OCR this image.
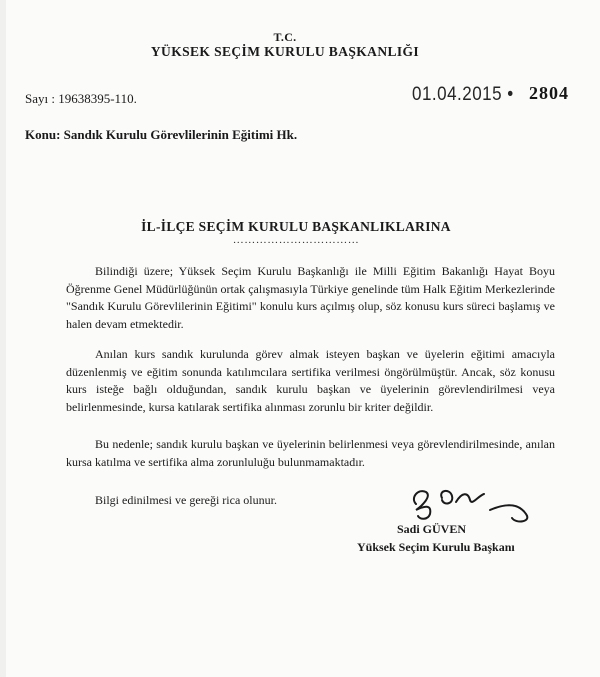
T.C.
YÜKSEK SEÇİM KURULU BAŞKANLIĞI
Sayı : 19638395-110.	01.04.2015 • 2804
Konu: Sandık Kurulu Görevlilerinin Eğitimi Hk.
İL-İLÇE SEÇİM KURULU BAŞKANLIKLARINA
……………………………
Bilindiği üzere; Yüksek Seçim Kurulu Başkanlığı ile Milli Eğitim Bakanlığı Hayat Boyu Öğrenme Genel Müdürlüğünün ortak çalışmasıyla Türkiye genelinde tüm Halk Eğitim Merkezlerinde "Sandık Kurulu Görevlilerinin Eğitimi" konulu kurs açılmış olup, söz konusu kurs süreci başlamış ve halen devam etmektedir.
Anılan kurs sandık kurulunda görev almak isteyen başkan ve üyelerin eğitimi amacıyla düzenlenmiş ve eğitim sonunda katılımcılara sertifika verilmesi öngörülmüştür. Ancak, söz konusu kurs isteğe bağlı olduğundan, sandık kurulu başkan ve üyelerinin görevlendirilmesi veya belirlenmesinde, kursa katılarak sertifika alınması zorunlu bir kriter değildir.
Bu nedenle; sandık kurulu başkan ve üyelerinin belirlenmesi veya görevlendirilmesinde, anılan kursa katılma ve sertifika alma zorunluluğu bulunmamaktadır.
Bilgi edinilmesi ve gereği rica olunur.
Sadi GÜVEN
Yüksek Seçim Kurulu Başkanı
